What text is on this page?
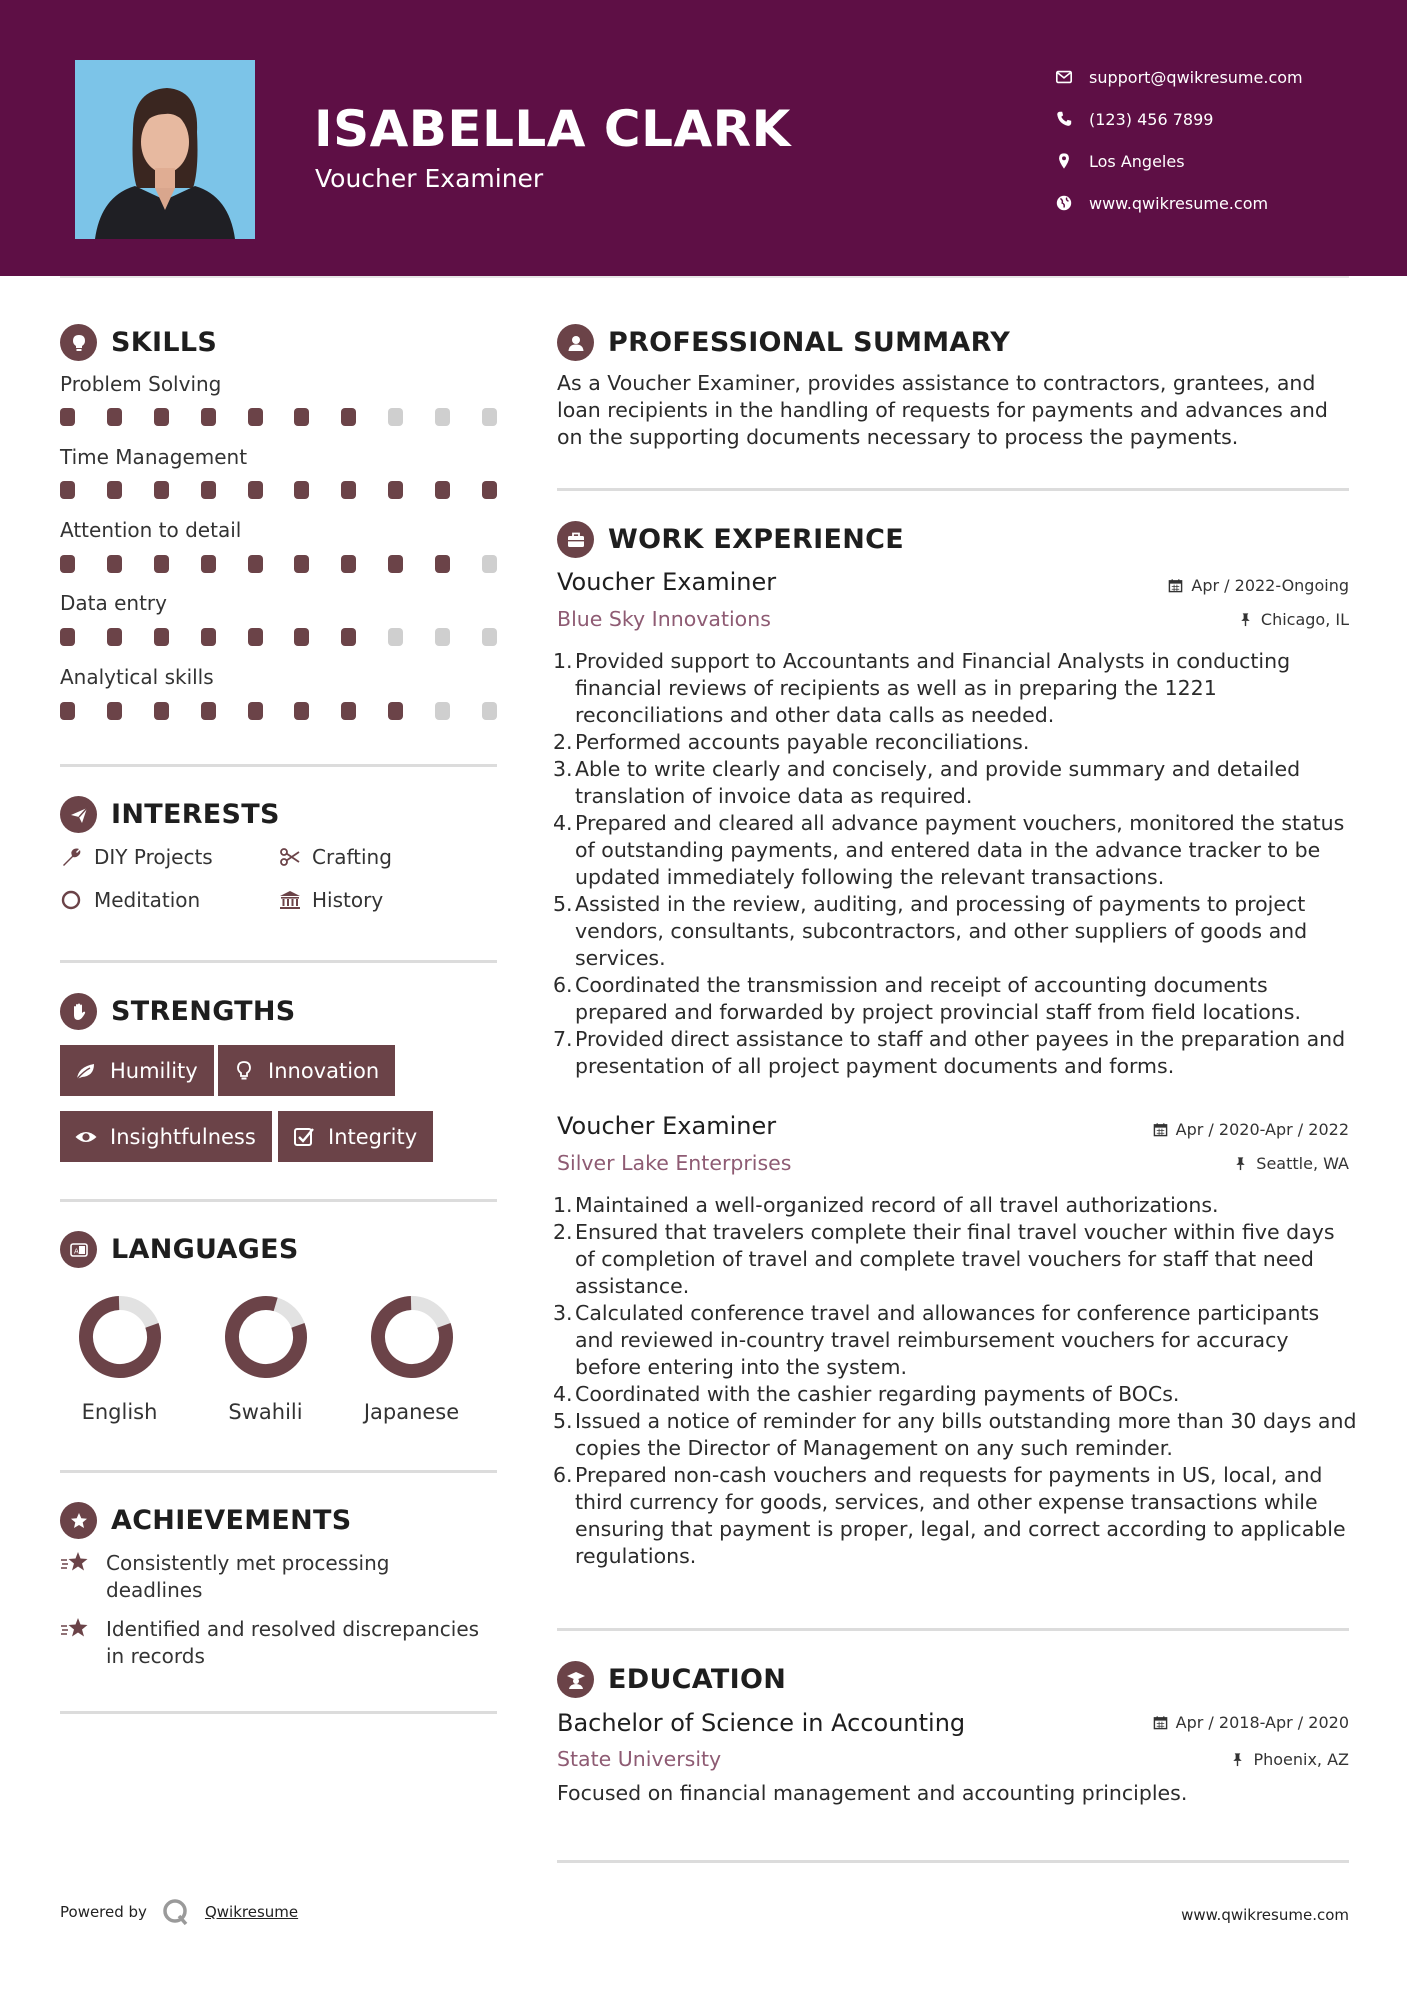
ISABELLA CLARK
Voucher Examiner
support@qwikresume.com
(123) 456 7899
Los Angeles
www.qwikresume.com
SKILLS
Problem Solving
Time Management
Attention to detail
Data entry
Analytical skills
INTERESTS
DIY Projects	Crafting
Meditation	History
STRENGTHS
Humility	Innovation
Insightfulness	Integrity
A LANGUAGES
English	Swahili	Japanese
ACHIEVEMENTS
Consistently met processing deadlines
Identified and resolved discrepancies in records
PROFESSIONAL SUMMARY
As a Voucher Examiner, provides assistance to contractors, grantees, and loan recipients in the handling of requests for payments and advances and on the supporting documents necessary to process the payments.
WORK EXPERIENCE
Voucher Examiner	Apr / 2022-Ongoing
Blue Sky Innovations	Chicago, IL
1. Provided support to Accountants and Financial Analysts in conducting financial reviews of recipients as well as in preparing the 1221 reconciliations and other data calls as needed.
2. Performed accounts payable reconciliations.
3. Able to write clearly and concisely, and provide summary and detailed translation of invoice data as required.
4. Prepared and cleared all advance payment vouchers, monitored the status of outstanding payments, and entered data in the advance tracker to be updated immediately following the relevant transactions.
5. Assisted in the review, auditing, and processing of payments to project vendors, consultants, subcontractors, and other suppliers of goods and services.
6. Coordinated the transmission and receipt of accounting documents prepared and forwarded by project provincial staff from field locations.
7. Provided direct assistance to staff and other payees in the preparation and presentation of all project payment documents and forms.
Voucher Examiner	Apr / 2020-Apr / 2022
Silver Lake Enterprises	Seattle, WA
1. Maintained a well-organized record of all travel authorizations.
2. Ensured that travelers complete their final travel voucher within five days of completion of travel and complete travel vouchers for staff that need assistance.
3. Calculated conference travel and allowances for conference participants and reviewed in-country travel reimbursement vouchers for accuracy before entering into the system.
4. Coordinated with the cashier regarding payments of BOCs.
5. Issued a notice of reminder for any bills outstanding more than 30 days and copies the Director of Management on any such reminder.
6. Prepared non-cash vouchers and requests for payments in US, local, and third currency for goods, services, and other expense transactions while ensuring that payment is proper, legal, and correct according to applicable regulations.
EDUCATION
Bachelor of Science in Accounting	Apr / 2018-Apr / 2020
State University	Phoenix, AZ
Focused on financial management and accounting principles.
Powered by	Qwikresume	www.qwikresume.com
